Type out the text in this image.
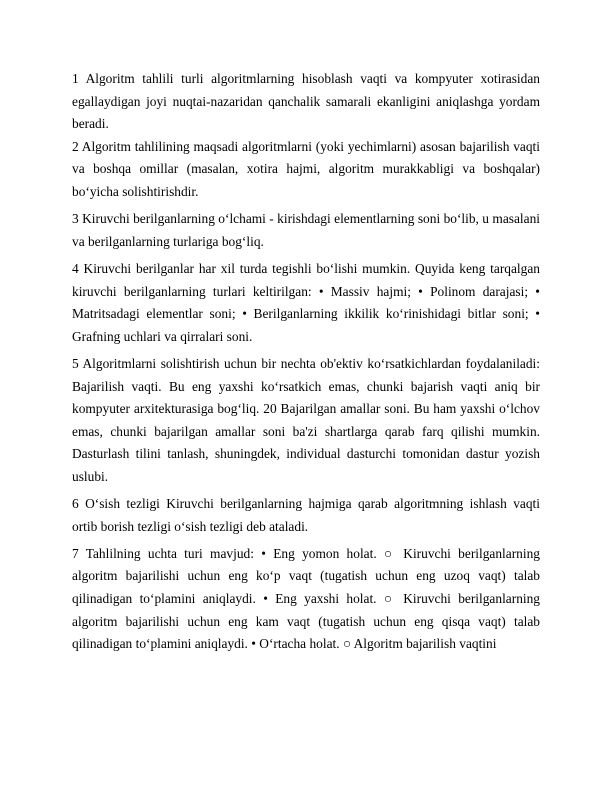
1 Algoritm tahlili turli algoritmlarning hisoblash vaqti va kompyuter xotirasidan egallaydigan joyi nuqtai-nazaridan qanchalik samarali ekanligini aniqlashga yordam beradi.

2 Algoritm tahlilining maqsadi algoritmlarni (yoki yechimlarni) asosan bajarilish vaqti va boshqa omillar (masalan, xotira hajmi, algoritm murakkabligi va boshqalar) bo‘yicha solishtirishdir.

3 Kiruvchi berilganlarning o‘lchami - kirishdagi elementlarning soni bo‘lib, u masalani va berilganlarning turlariga bog‘liq.

4 Kiruvchi berilganlar har xil turda tegishli bo‘lishi mumkin. Quyida keng tarqalgan kiruvchi berilganlarning turlari keltirilgan: • Massiv hajmi; • Polinom darajasi; • Matritsadagi elementlar soni; • Berilganlarning ikkilik ko‘rinishidagi bitlar soni; • Grafning uchlari va qirralari soni.

5 Algoritmlarni solishtirish uchun bir nechta ob'ektiv ko‘rsatkichlardan foydalaniladi: Bajarilish vaqti. Bu eng yaxshi ko‘rsatkich emas, chunki bajarish vaqti aniq bir kompyuter arxitekturasiga bog‘liq. 20 Bajarilgan amallar soni. Bu ham yaxshi o‘lchov emas, chunki bajarilgan amallar soni ba'zi shartlarga qarab farq qilishi mumkin. Dasturlash tilini tanlash, shuningdek, individual dasturchi tomonidan dastur yozish uslubi.

6 O‘sish tezligi Kiruvchi berilganlarning hajmiga qarab algoritmning ishlash vaqti ortib borish tezligi o‘sish tezligi deb ataladi.

7 Tahlilning uchta turi mavjud: • Eng yomon holat. ○ Kiruvchi berilganlarning algoritm bajarilishi uchun eng ko‘p vaqt (tugatish uchun eng uzoq vaqt) talab qilinadigan to‘plamini aniqlaydi. • Eng yaxshi holat. ○ Kiruvchi berilganlarning algoritm bajarilishi uchun eng kam vaqt (tugatish uchun eng qisqa vaqt) talab qilinadigan to‘plamini aniqlaydi. • O‘rtacha holat. ○ Algoritm bajarilish vaqtini
